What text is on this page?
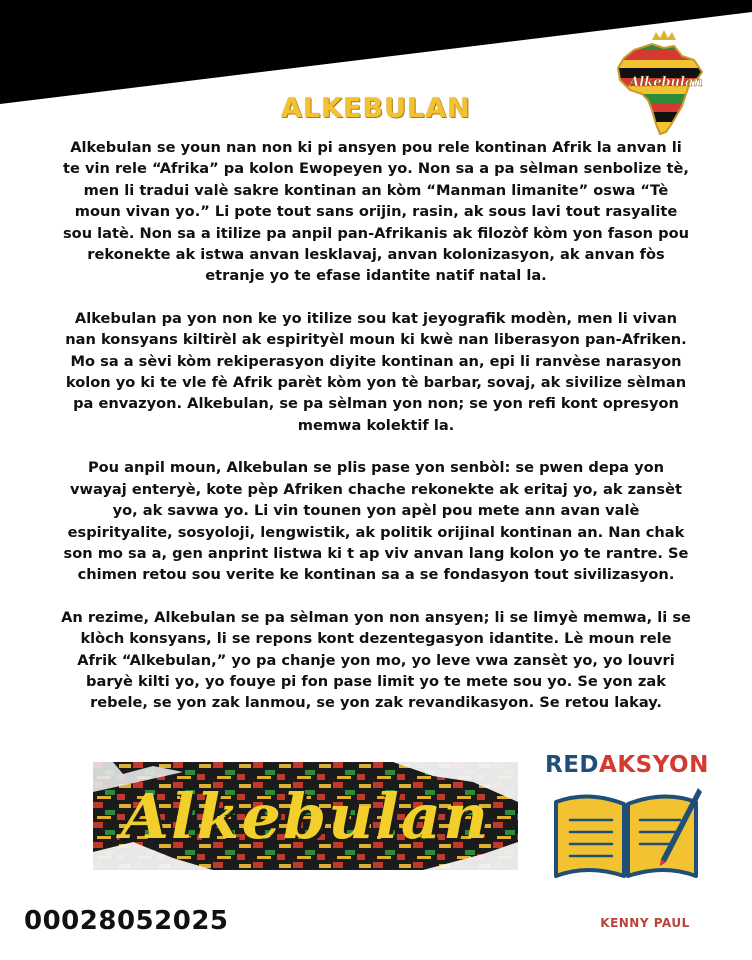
Alkebulan
ALKEBULAN

Alkebulan se youn nan non ki pi ansyen pou rele kontinan Afrik la anvan li te vin rele “Afrika” pa kolon Ewopeyen yo. Non sa a pa sèlman senbolize tè, men li tradui valè sakre kontinan an kòm “Manman limanite” oswa “Tè moun vivan yo.” Li pote tout sans orijin, rasin, ak sous lavi tout rasyalite sou latè. Non sa a itilize pa anpil pan-Afrikanis ak filozòf kòm yon fason pou rekonekte ak istwa anvan lesklavaj, anvan kolonizasyon, ak anvan fòs etranje yo te efase idantite natif natal la.

Alkebulan pa yon non ke yo itilize sou kat jeyografik modèn, men li vivan nan konsyans kiltirèl ak espirityèl moun ki kwè nan liberasyon pan-Afriken. Mo sa a sèvi kòm rekiperasyon diyite kontinan an, epi li ranvèse narasyon kolon yo ki te vle fè Afrik parèt kòm yon tè barbar, sovaj, ak sivilize sèlman pa envazyon. Alkebulan, se pa sèlman yon non; se yon refi kont opresyon memwa kolektif la.

Pou anpil moun, Alkebulan se plis pase yon senbòl: se pwen depa yon vwayaj enteryè, kote pèp Afriken chache rekonekte ak eritaj yo, ak zansèt yo, ak savwa yo. Li vin tounen yon apèl pou mete ann avan valè espirityalite, sosyoloji, lengwistik, ak politik orijinal kontinan an. Nan chak son mo sa a, gen anprint listwa ki t ap viv anvan lang kolon yo te rantre. Se chimen retou sou verite ke kontinan sa a se fondasyon tout sivilizasyon.

An rezime, Alkebulan se pa sèlman yon non ansyen; li se limyè memwa, li se klòch konsyans, li se repons kont dezentegasyon idantite. Lè moun rele Afrik “Alkebulan,” yo pa chanje yon mo, yo leve vwa zansèt yo, yo louvri baryè kilti yo, yo fouye pi fon pase limit yo te mete sou yo. Se yon zak rebele, se yon zak lanmou, se yon zak revandikasyon. Se retou lakay.

Alkebulan
REDAKSYON
00028052025	KENNY PAUL
